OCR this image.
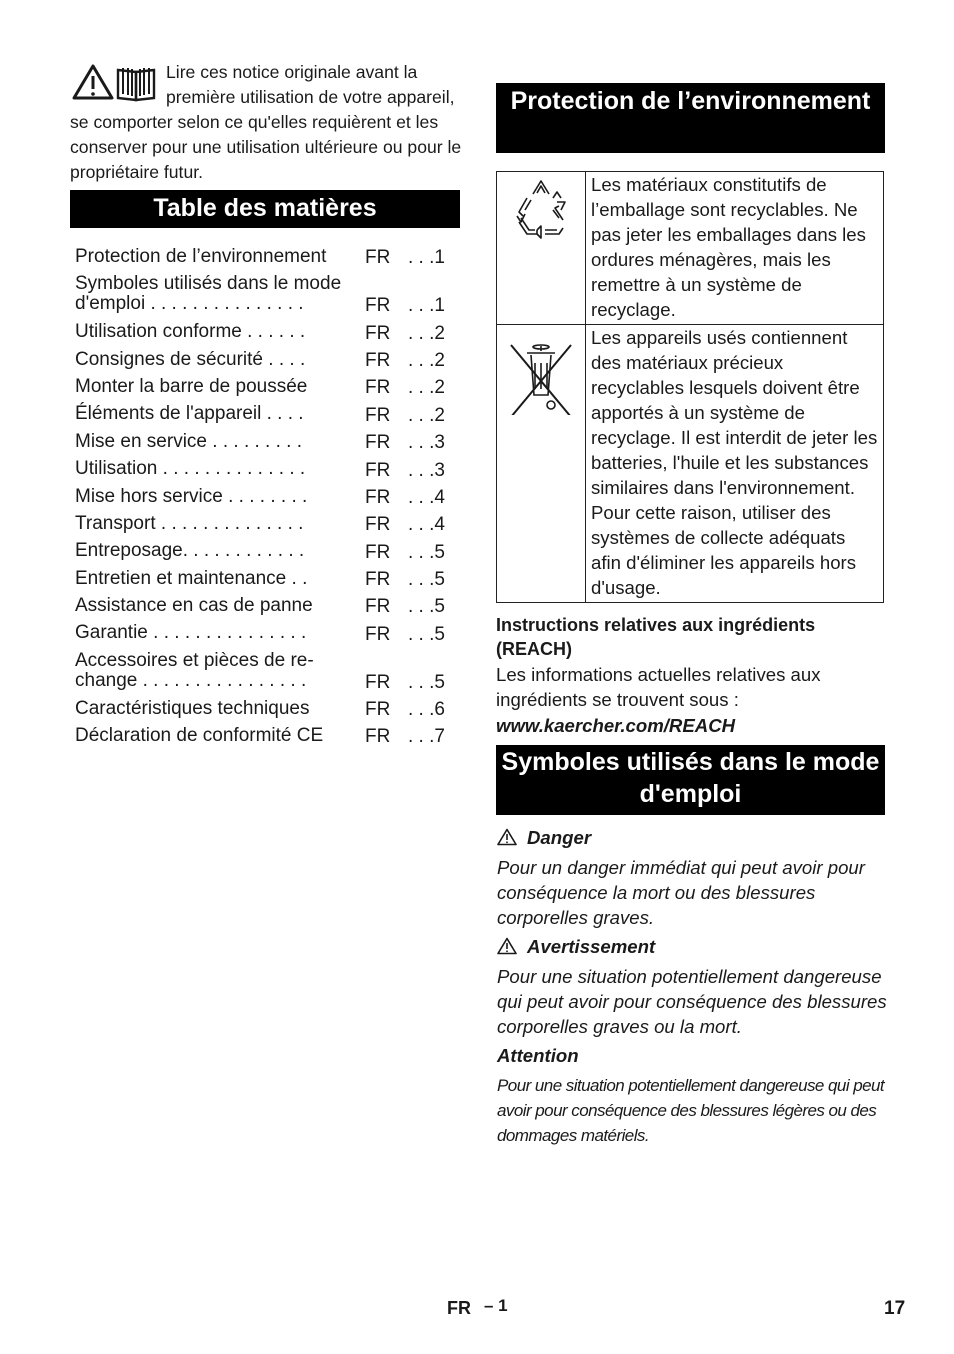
Lire ces notice originale avant la première utilisation de votre appareil, se comporter selon ce qu'elles requièrent et les conserver pour une utilisation ultérieure ou pour le propriétaire futur.
Table des matières
Protection de l’environnement	FR . . .1
Symboles utilisés dans le mode
d'emploi . . . . . . . . . . . . . . .	FR . . .1
Utilisation conforme . . . . . .	FR . . .2
Consignes de sécurité . . . .	FR . . .2
Monter la barre de poussée	FR . . .2
Éléments de l'appareil . . . .	FR . . .2
Mise en service . . . . . . . . .	FR . . .3
Utilisation . . . . . . . . . . . . . .	FR . . .3
Mise hors service . . . . . . . .	FR . . .4
Transport . . . . . . . . . . . . . .	FR . . .4
Entreposage. . . . . . . . . . . .	FR . . .5
Entretien et maintenance . .	FR . . .5
Assistance en cas de panne	FR . . .5
Garantie . . . . . . . . . . . . . . .	FR . . .5
Accessoires et pièces de re-
change . . . . . . . . . . . . . . . .	FR . . .5
Caractéristiques techniques	FR . . .6
Déclaration de conformité CE	FR . . .7
Protection de l’environnement
	Les matériaux constitutifs de l’emballage sont recyclables. Ne pas jeter les emballages dans les ordures ménagères, mais les remettre à un système de recyclage.
	Les appareils usés contiennent des matériaux précieux recyclables lesquels doivent être apportés à un système de recyclage. Il est interdit de jeter les batteries, l'huile et les substances similaires dans l'environnement. Pour cette raison, utiliser des systèmes de collecte adéquats afin d'éliminer les appareils hors d'usage.
Instructions relatives aux ingrédients (REACH)
Les informations actuelles relatives aux ingrédients se trouvent sous :
www.kaercher.com/REACH
Symboles utilisés dans le mode d'emploi
Danger
Pour un danger immédiat qui peut avoir pour conséquence la mort ou des blessures corporelles graves.
Avertissement
Pour une situation potentiellement dangereuse qui peut avoir pour conséquence des blessures corporelles graves ou la mort.
Attention
Pour une situation potentiellement dangereuse qui peut avoir pour conséquence des blessures légères ou des dommages matériels.
FR – 1	17
